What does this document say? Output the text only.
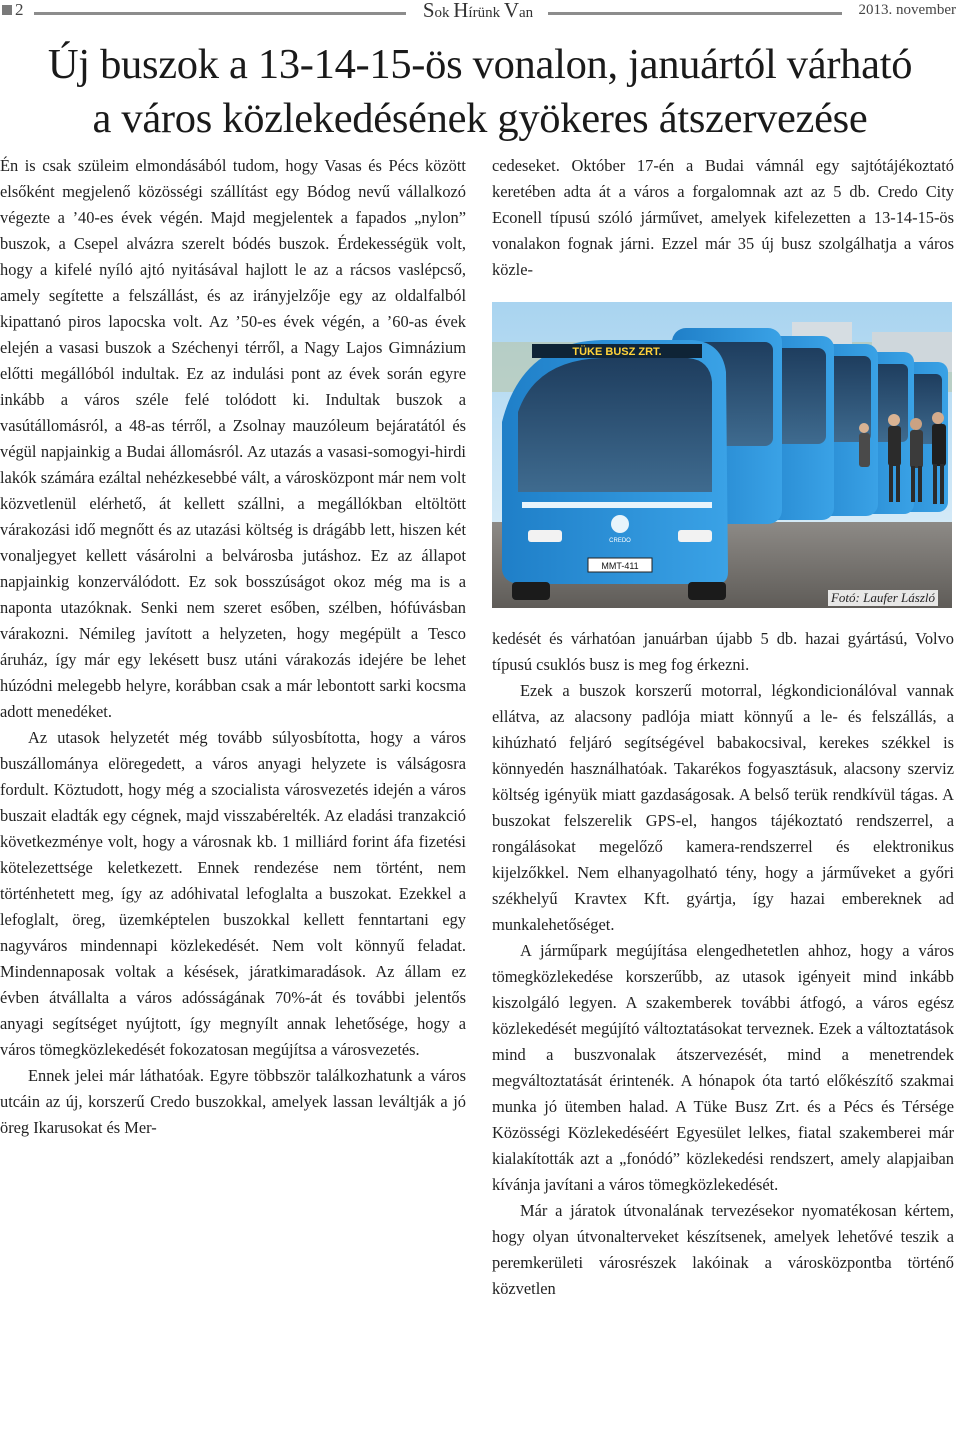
2	Sok Hírünk Van	2013. november
Új buszok a 13-14-15-ös vonalon, januártól várható
a város közlekedésének gyökeres átszervezése

Én is csak szüleim elmondásából tudom, hogy Vasas és Pécs között elsőként megjelenő közösségi szállítást egy Bódog nevű vállalkozó végezte a ’40-es évek végén. Majd megjelentek a fapados „nylon” buszok, a Csepel alvázra szerelt bódés buszok. Érdekességük volt, hogy a kifelé nyíló ajtó nyitásával hajlott le az a rácsos vaslépcső, amely segítette a felszállást, és az irányjelzője egy az oldalfalból kipattanó piros lapocska volt. Az ’50-es évek végén, a ’60-as évek elején a vasasi buszok a Széchenyi térről, a Nagy Lajos Gimnázium előtti megállóból indultak. Ez az indulási pont az évek során egyre inkább a város széle felé tolódott ki. Indultak buszok a vasútállomásról, a 48-as térről, a Zsolnay mauzóleum bejáratától és végül napjainkig a Budai állomásról. Az utazás a vasasi-somogyi-hirdi lakók számára ezáltal nehézkesebbé vált, a városközpont már nem volt közvetlenül elérhető, át kellett szállni, a megállókban eltöltött várakozási idő megnőtt és az utazási költség is drágább lett, hiszen két vonaljegyet kellett vásárolni a belvárosba jutáshoz. Ez az állapot napjainkig konzerválódott. Ez sok bosszúságot okoz még ma is a naponta utazóknak. Senki nem szeret esőben, szélben, hófúvásban várakozni. Némileg javított a helyzeten, hogy megépült a Tesco áruház, így már egy lekésett busz utáni várakozás idejére be lehet húzódni melegebb helyre, korábban csak a már lebontott sarki kocsma adott menedéket.

Az utasok helyzetét még tovább súlyosbította, hogy a város buszállománya elöregedett, a város anyagi helyzete is válságosra fordult. Köztudott, hogy még a szocialista városvezetés idején a város buszait eladták egy cégnek, majd visszabérelték. Az eladási tranzakció következménye volt, hogy a városnak kb. 1 milliárd forint áfa fizetési kötelezettsége keletkezett. Ennek rendezése nem történt, nem történhetett meg, így az adóhivatal lefoglalta a buszokat. Ezekkel a lefoglalt, öreg, üzemképtelen buszokkal kellett fenntartani egy nagyváros mindennapi közlekedését. Nem volt könnyű feladat. Mindennaposak voltak a késések, járatkimaradások. Az állam ez évben átvállalta a város adósságának 70%-át és további jelentős anyagi segítséget nyújtott, így megnyílt annak lehetősége, hogy a város tömegközlekedését fokozatosan megújítsa a városvezetés.

Ennek jelei már láthatóak. Egyre többször találkozhatunk a város utcáin az új, korszerű Credo buszokkal, amelyek lassan leváltják a jó öreg Ikarusokat és Mer-

cedeseket. Október 17-én a Budai vámnál egy sajtótájékoztató keretében adta át a város a forgalomnak azt az 5 db. Credo City Econell típusú szóló járművet, amelyek kifelezetten a 13-14-15-ös vonalakon fognak járni. Ezzel már 35 új busz szolgálhatja a város közle-

TÜKE BUSZ ZRT.
CREDO
MMT-411
Fotó: Laufer László

kedését és várhatóan januárban újabb 5 db. hazai gyártású, Volvo típusú csuklós busz is meg fog érkezni.

Ezek a buszok korszerű motorral, légkondicionálóval vannak ellátva, az alacsony padlója miatt könnyű a le- és felszállás, a kihúzható feljáró segítségével babakocsival, kerekes székkel is könnyedén használhatóak. Takarékos fogyasztásuk, alacsony szerviz költség igényük miatt gazdaságosak. A belső terük rendkívül tágas. A buszokat felszerelik GPS-el, hangos tájékoztató rendszerrel, a rongálásokat megelőző kamera-rendszerrel és elektronikus kijelzőkkel. Nem elhanyagolható tény, hogy a járműveket a győri székhelyű Kravtex Kft. gyártja, így hazai embereknek ad munkalehetőséget.

A járműpark megújítása elengedhetetlen ahhoz, hogy a város tömegközlekedése korszerűbb, az utasok igényeit mind inkább kiszolgáló legyen. A szakemberek további átfogó, a város egész közlekedését megújító változtatásokat terveznek. Ezek a változtatások mind a buszvonalak átszervezését, mind a menetrendek megváltoztatását érintenék. A hónapok óta tartó előkészítő szakmai munka jó ütemben halad. A Tüke Busz Zrt. és a Pécs és Térsége Közösségi Közlekedéséért Egyesület lelkes, fiatal szakemberei már kialakították azt a „fonódó” közlekedési rendszert, amely alapjaiban kívánja javítani a város tömegközlekedését.

Már a járatok útvonalának tervezésekor nyomatékosan kértem, hogy olyan útvonalterveket készítsenek, amelyek lehetővé teszik a peremkerületi városrészek lakóinak a városközpontba történő közvetlen
